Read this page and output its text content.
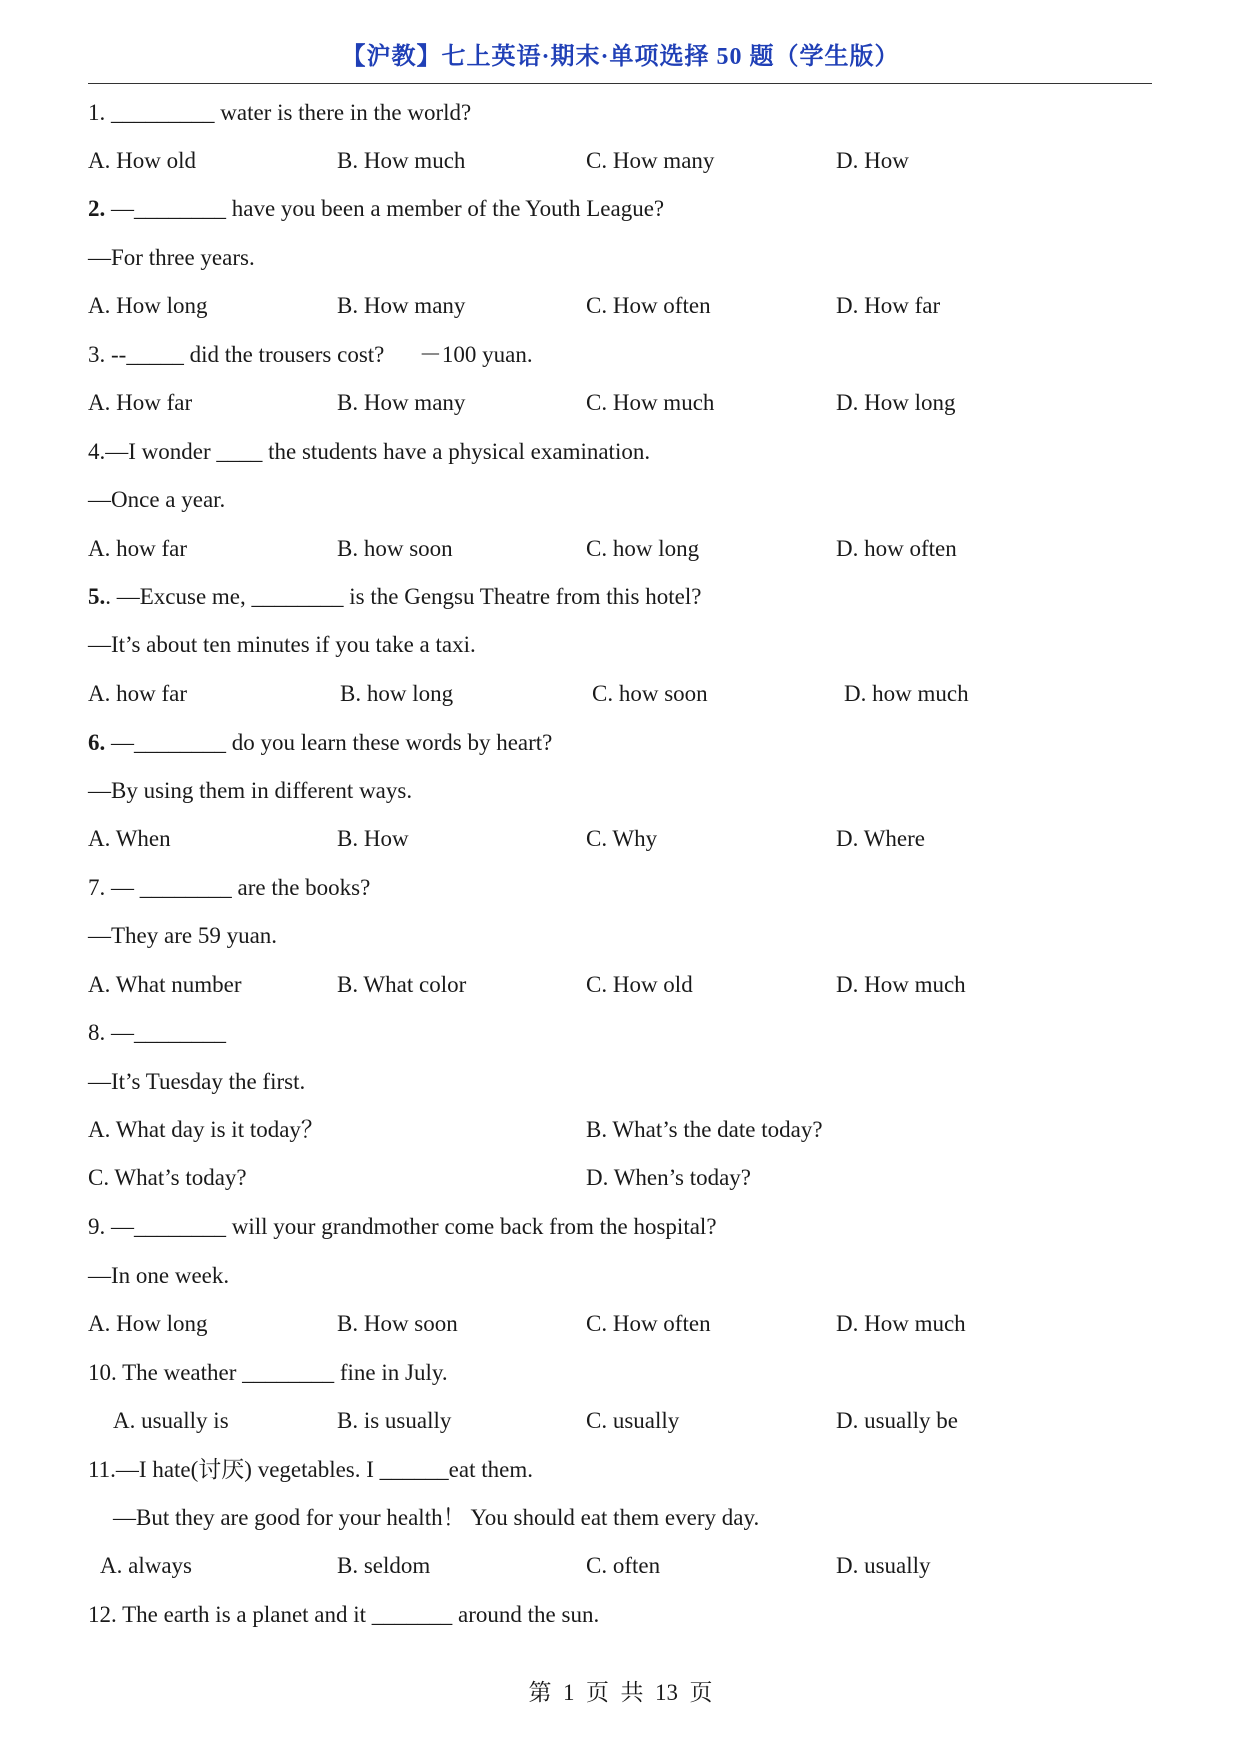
【沪教】七上英语·期末·单项选择 50 题（学生版）
1. _________ water is there in the world?
A. How old	B. How much	C. How many	D. How
2. —________ have you been a member of the Youth League?
—For three years.
A. How long	B. How many	C. How often	D. How far
3. --_____ did the trousers cost?      －100 yuan.
A. How far	B. How many	C. How much	D. How long
4.—I wonder ____ the students have a physical examination.
—Once a year.
A. how far	B. how soon	C. how long	D. how often
5.. —Excuse me, ________ is the Gengsu Theatre from this hotel?
—It’s about ten minutes if you take a taxi.
A. how far	B. how long	C. how soon	D. how much
6. —________ do you learn these words by heart?
—By using them in different ways.
A. When	B. How	C. Why	D. Where
7. — ________ are the books?
—They are 59 yuan.
A. What number	B. What color	C. How old	D. How much
8. —________
—It’s Tuesday the first.
A. What day is it today？	B. What’s the date today?
C. What’s today?	D. When’s today?
9. —________ will your grandmother come back from the hospital?
—In one week.
A. How long	B. How soon	C. How often	D. How much
10. The weather ________ fine in July.
A. usually is	B. is usually	C. usually	D. usually be
11.—I hate(讨厌) vegetables. I ______eat them.
—But they are good for your health！ You should eat them every day.
A. always	B. seldom	C. often	D. usually
12. The earth is a planet and it _______ around the sun.
第  1  页  共  13  页
